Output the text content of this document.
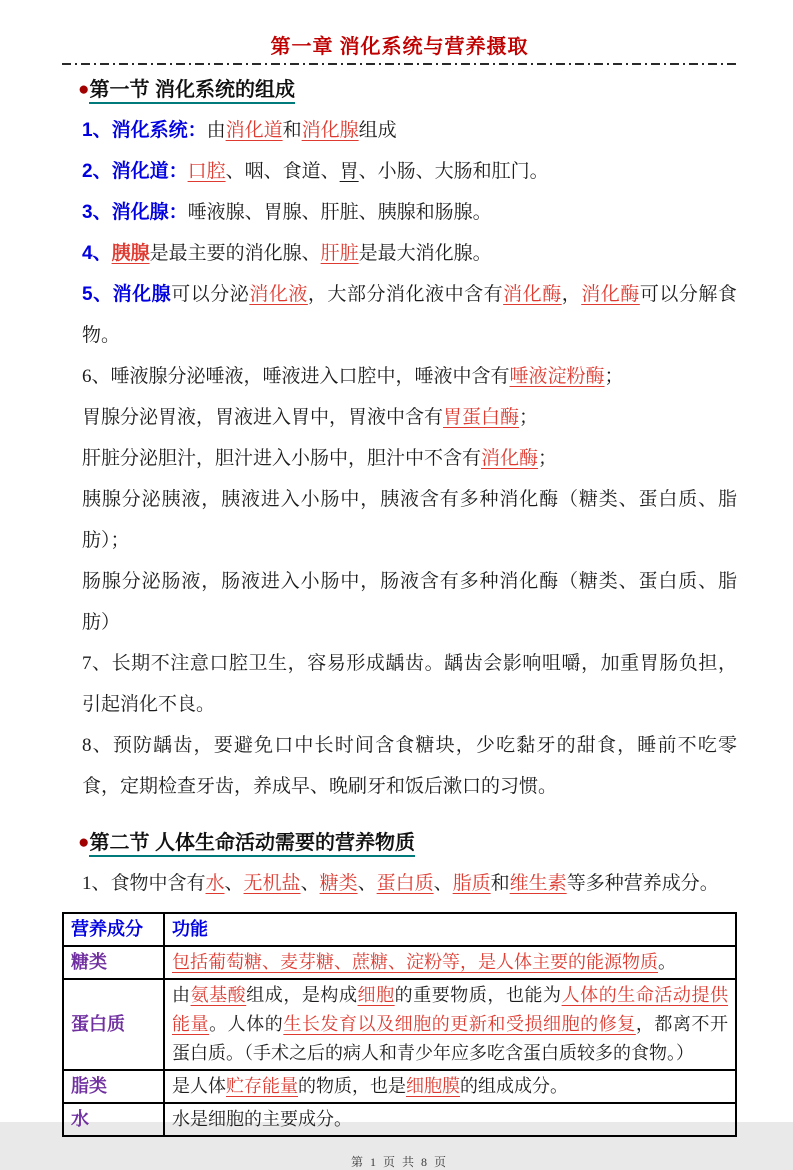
第一章 消化系统与营养摄取
●第一节 消化系统的组成

1、消化系统：由消化道和消化腺组成

2、消化道：口腔、咽、食道、胃、小肠、大肠和肛门。

3、消化腺：唾液腺、胃腺、肝脏、胰腺和肠腺。

4、胰腺是最主要的消化腺、肝脏是最大消化腺。

5、消化腺可以分泌消化液，大部分消化液中含有消化酶，消化酶可以分解食物。

6、唾液腺分泌唾液，唾液进入口腔中，唾液中含有唾液淀粉酶；

胃腺分泌胃液，胃液进入胃中，胃液中含有胃蛋白酶；

肝脏分泌胆汁，胆汁进入小肠中，胆汁中不含有消化酶；

胰腺分泌胰液，胰液进入小肠中，胰液含有多种消化酶（糖类、蛋白质、脂肪）；

肠腺分泌肠液，肠液进入小肠中，肠液含有多种消化酶（糖类、蛋白质、脂肪）

7、长期不注意口腔卫生，容易形成龋齿。龋齿会影响咀嚼，加重胃肠负担，引起消化不良。

8、预防龋齿，要避免口中长时间含食糖块，少吃黏牙的甜食，睡前不吃零食，定期检查牙齿，养成早、晚刷牙和饭后漱口的习惯。

●第二节 人体生命活动需要的营养物质

1、食物中含有水、无机盐、糖类、蛋白质、脂质和维生素等多种营养成分。

营养成分	功能
糖类	包括葡萄糖、麦芽糖、蔗糖、淀粉等，是人体主要的能源物质。
蛋白质	由氨基酸组成，是构成细胞的重要物质，也能为人体的生命活动提供能量。人体的生长发育以及细胞的更新和受损细胞的修复，都离不开蛋白质。（手术之后的病人和青少年应多吃含蛋白质较多的食物。）
脂类	是人体贮存能量的物质，也是细胞膜的组成成分。
水	水是细胞的主要成分。
第 1 页 共 8 页
